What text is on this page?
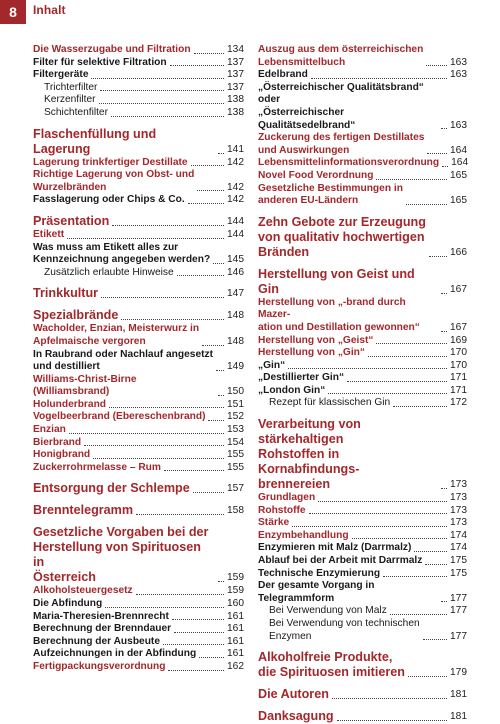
8	Inhalt
Die Wasserzugabe und Filtration	134
Filter für selektive Filtration	137
Filtergeräte	137
Trichterfilter	137
Kerzenfilter	138
Schichtenfilter	138
Flaschenfüllung und Lagerung	141
Lagerung trinkfertiger Destillate	142
Richtige Lagerung von Obst- und
Wurzelbränden	142
Fasslagerung oder Chips & Co.	142
Präsentation	144
Etikett	144
Was muss am Etikett alles zur
Kennzeichnung angegeben werden? 145
Zusätzlich erlaubte Hinweise	146
Trinkkultur	147
Spezialbrände	148
Wacholder, Enzian, Meisterwurz in
Apfelmaische vergoren	148
In Raubrand oder Nachlauf angesetzt
und destilliert	149
Williams-Christ-Birne (Williamsbrand)	150
Holunderbrand	151
Vogelbeerbrand (Ebereschenbrand) 152
Enzian	153
Bierbrand	154
Honigbrand	155
Zuckerrohrmelasse – Rum	155
Entsorgung der Schlempe	157
Brenntelegramm	158
Gesetzliche Vorgaben bei der
Herstellung von Spirituosen in
Österreich	159
Alkoholsteuergesetz	159
Die Abfindung	160
Maria-Theresien-Brennrecht	161
Berechnung der Brenndauer	161
Berechnung der Ausbeute	161
Aufzeichnungen in der Abfindung	161
Fertigpackungsverordnung	162
Auszug aus dem österreichischen
Lebensmittelbuch	163
Edelbrand	163
„Österreichischer Qualitätsbrand“ oder
„Österreichischer Qualitätsedelbrand“	163
Zuckerung des fertigen Destillates
und Auswirkungen	164
Lebensmittelinformationsverordnung 164
Novel Food Verordnung	165
Gesetzliche Bestimmungen in
anderen EU-Ländern	165
Zehn Gebote zur Erzeugung
von qualitativ hochwertigen
Bränden	166
Herstellung von Geist und Gin	167
Herstellung von „-brand durch Mazer-
ation und Destillation gewonnen“	167
Herstellung von „Geist“	169
Herstellung von „Gin“	170
„Gin“	170
„Destillierter Gin“	171
„London Gin“	171
Rezept für klassischen Gin	172
Verarbeitung von stärkehaltigen
Rohstoffen in Kornabfindungs-
brennereien	173
Grundlagen	173
Rohstoffe	173
Stärke	173
Enzymbehandlung	174
Enzymieren mit Malz (Darrmalz)	174
Ablauf bei der Arbeit mit Darrmalz	175
Technische Enzymierung	175
Der gesamte Vorgang in Telegrammform	177
Bei Verwendung von Malz	177
Bei Verwendung von technischen
Enzymen	177
Alkoholfreie Produkte,
die Spirituosen imitieren	179
Die Autoren	181
Danksagung	181
